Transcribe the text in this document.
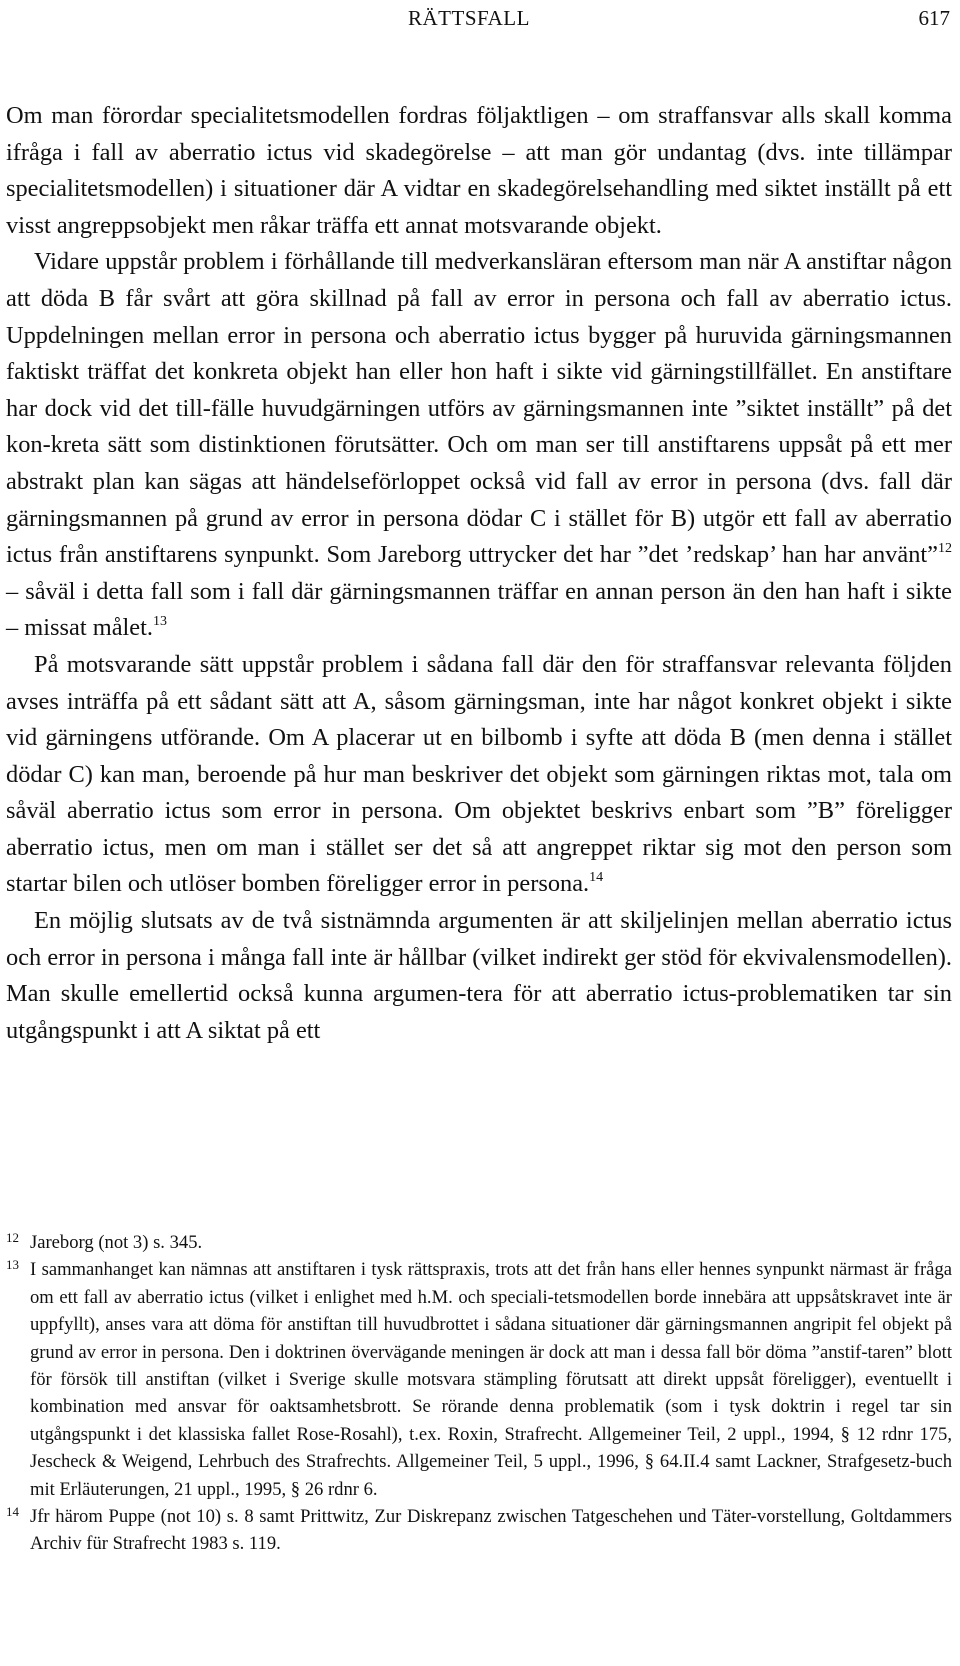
RÄTTSFALL	617

Om man förordar specialitetsmodellen fordras följaktligen – om straffansvar alls skall komma ifråga i fall av aberratio ictus vid skadegörelse – att man gör undantag (dvs. inte tillämpar specialitetsmodellen) i situationer där A vidtar en skadegörelsehandling med siktet inställt på ett visst angreppsobjekt men råkar träffa ett annat motsvarande objekt.

Vidare uppstår problem i förhållande till medverkansläran eftersom man när A anstiftar någon att döda B får svårt att göra skillnad på fall av error in persona och fall av aberratio ictus. Uppdelningen mellan error in persona och aberratio ictus bygger på huruvida gärningsmannen faktiskt träffat det konkreta objekt han eller hon haft i sikte vid gärningstillfället. En anstiftare har dock vid det till-fälle huvudgärningen utförs av gärningsmannen inte ”siktet inställt” på det kon-kreta sätt som distinktionen förutsätter. Och om man ser till anstiftarens uppsåt på ett mer abstrakt plan kan sägas att händelseförloppet också vid fall av error in persona (dvs. fall där gärningsmannen på grund av error in persona dödar C i stället för B) utgör ett fall av aberratio ictus från anstiftarens synpunkt. Som Jareborg uttrycker det har ”det ’redskap’ han har använt”$^{12}$ – såväl i detta fall som i fall där gärningsmannen träffar en annan person än den han haft i sikte – missat målet.$^{13}$

På motsvarande sätt uppstår problem i sådana fall där den för straffansvar relevanta följden avses inträffa på ett sådant sätt att A, såsom gärningsman, inte har något konkret objekt i sikte vid gärningens utförande. Om A placerar ut en bilbomb i syfte att döda B (men denna i stället dödar C) kan man, beroende på hur man beskriver det objekt som gärningen riktas mot, tala om såväl aberratio ictus som error in persona. Om objektet beskrivs enbart som ”B” föreligger aberratio ictus, men om man i stället ser det så att angreppet riktar sig mot den person som startar bilen och utlöser bomben föreligger error in persona.$^{14}$

En möjlig slutsats av de två sistnämnda argumenten är att skiljelinjen mellan aberratio ictus och error in persona i många fall inte är hållbar (vilket indirekt ger stöd för ekvivalensmodellen). Man skulle emellertid också kunna argumen-tera för att aberratio ictus-problematiken tar sin utgångspunkt i att A siktat på ett

12 Jareborg (not 3) s. 345.
13 I sammanhanget kan nämnas att anstiftaren i tysk rättspraxis, trots att det från hans eller hennes synpunkt närmast är fråga om ett fall av aberratio ictus (vilket i enlighet med h.M. och speciali-tetsmodellen borde innebära att uppsåtskravet inte är uppfyllt), anses vara att döma för anstiftan till huvudbrottet i sådana situationer där gärningsmannen angripit fel objekt på grund av error in persona. Den i doktrinen övervägande meningen är dock att man i dessa fall bör döma ”anstif-taren” blott för försök till anstiftan (vilket i Sverige skulle motsvara stämpling förutsatt att direkt uppsåt föreligger), eventuellt i kombination med ansvar för oaktsamhetsbrott. Se rörande denna problematik (som i tysk doktrin i regel tar sin utgångspunkt i det klassiska fallet Rose-Rosahl), t.ex. Roxin, Strafrecht. Allgemeiner Teil, 2 uppl., 1994, § 12 rdnr 175, Jescheck & Weigend, Lehrbuch des Strafrechts. Allgemeiner Teil, 5 uppl., 1996, § 64.II.4 samt Lackner, Strafgesetz-buch mit Erläuterungen, 21 uppl., 1995, § 26 rdnr 6.
14 Jfr härom Puppe (not 10) s. 8 samt Prittwitz, Zur Diskrepanz zwischen Tatgeschehen und Täter-vorstellung, Goltdammers Archiv für Strafrecht 1983 s. 119.
